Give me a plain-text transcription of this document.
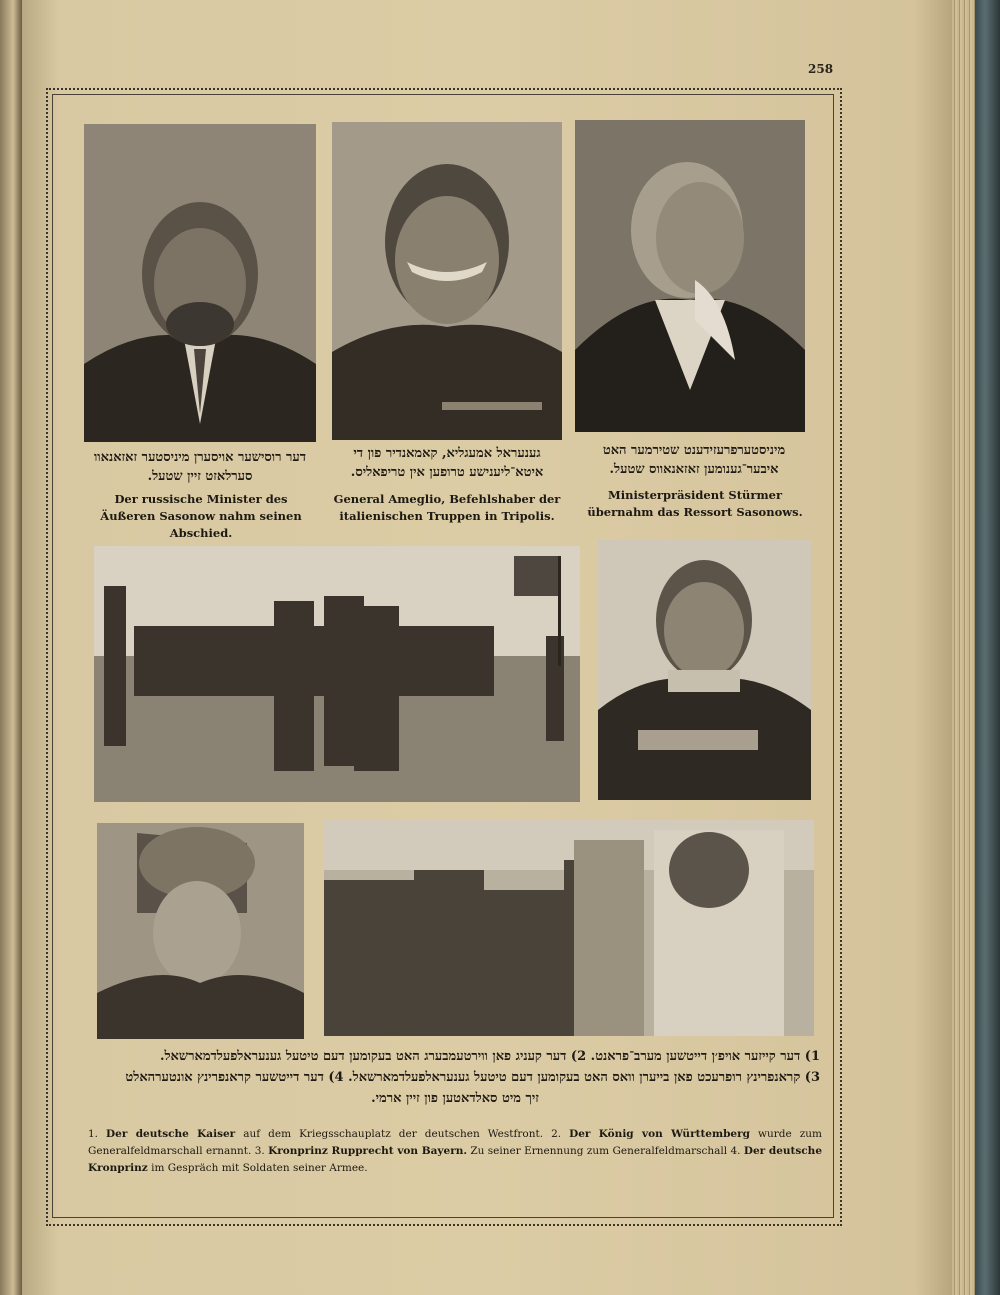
258
דער רוסישער אויסערן מיניסטער זאזאנאוו סערלאזט זיין שטעל.
Der russische Minister des Äußeren Sasonow nahm seinen Abschied.
גענעראל אמעגליא, קאמאנדיר פון די איטא־ליענישע טרופען אין טריפאליס.
General Ameglio, Befehlshaber der italienischen Truppen in Tripolis.
מיניסטערפרעזידענט שטירמער האט איבער־גענומען זאזאנאווס שטעל.
Ministerpräsident Stürmer übernahm das Ressort Sasonows.
1) דער קייזער אויפ׳ן דייטשען מערב־פראנט. 2) דער קעניג פאן ווירטעמבערג האט בעקומען דעם טיטעל גענעראלפעלדמארשאל.
3) קראנפרינץ רופרעכט פאן בייערן וואס האט בעקומען דעם טיטעל גענעראלפעלדמארשאל. 4) דער דייטשער קראנפרינץ אונטערהאלט
זיך מיט סאלדאטען פון זיין ארמי.
1. Der deutsche Kaiser auf dem Kriegsschauplatz der deutschen Westfront. 2. Der König von Württemberg wurde zum Generalfeldmarschall ernannt. 3. Kronprinz Rupprecht von Bayern. Zu seiner Ernennung zum Generalfeldmarschall 4. Der deutsche Kronprinz im Gespräch mit Soldaten seiner Armee.
